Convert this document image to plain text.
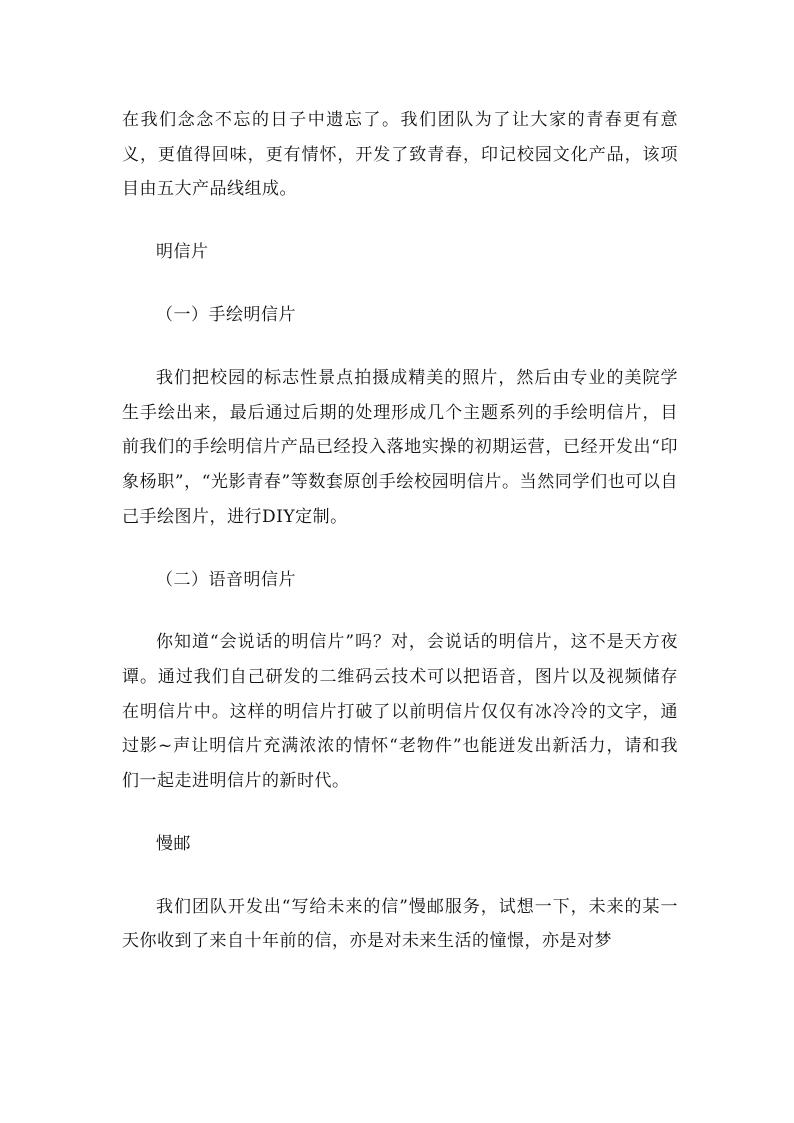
在我们念念不忘的日子中遗忘了。我们团队为了让大家的青春更有意义，更值得回味，更有情怀，开发了致青春，印记校园文化产品，该项目由五大产品线组成。

明信片

（一）手绘明信片

我们把校园的标志性景点拍摄成精美的照片，然后由专业的美院学生手绘出来，最后通过后期的处理形成几个主题系列的手绘明信片，目前我们的手绘明信片产品已经投入落地实操的初期运营，已经开发出“印象杨职”，“光影青春”等数套原创手绘校园明信片。当然同学们也可以自己手绘图片，进行DIY定制。

（二）语音明信片

你知道“会说话的明信片”吗？对，会说话的明信片，这不是天方夜谭。通过我们自己研发的二维码云技术可以把语音，图片以及视频储存在明信片中。这样的明信片打破了以前明信片仅仅有冰冷冷的文字，通过影~声让明信片充满浓浓的情怀“老物件”也能迸发出新活力，请和我们一起走进明信片的新时代。

慢邮

我们团队开发出“写给未来的信”慢邮服务，试想一下，未来的某一天你收到了来自十年前的信，亦是对未来生活的憧憬，亦是对梦
